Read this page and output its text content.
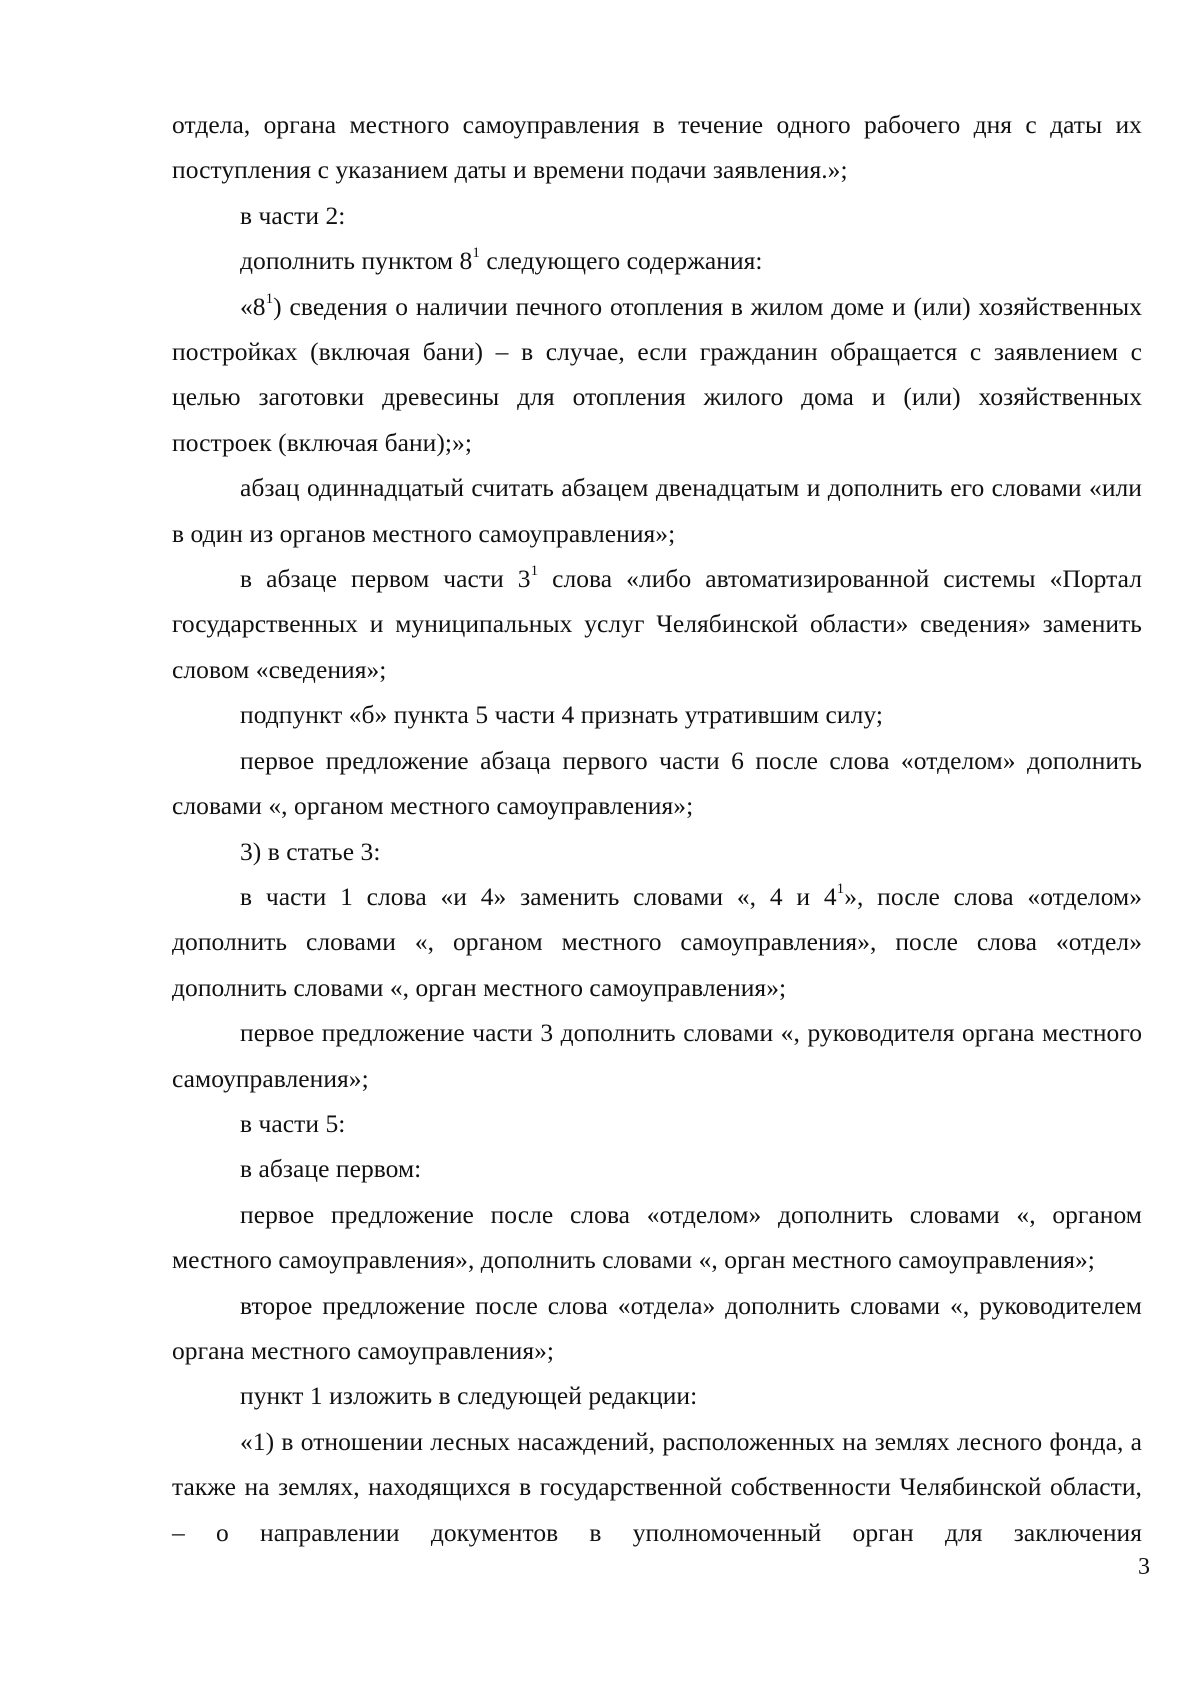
отдела, органа местного самоуправления в течение одного рабочего дня с даты их поступления с указанием даты и времени подачи заявления.»;

в части 2:

дополнить пунктом $8^1$ следующего содержания:

«$8^1$) сведения о наличии печного отопления в жилом доме и (или) хозяйственных постройках (включая бани) – в случае, если гражданин обращается с заявлением с целью заготовки древесины для отопления жилого дома и (или) хозяйственных построек (включая бани);»;

абзац одиннадцатый считать абзацем двенадцатым и дополнить его словами «или в один из органов местного самоуправления»;

в абзаце первом части $3^1$ слова «либо автоматизированной системы «Портал государственных и муниципальных услуг Челябинской области» сведения» заменить словом «сведения»;

подпункт «б» пункта 5 части 4 признать утратившим силу;

первое предложение абзаца первого части 6 после слова «отделом» дополнить словами «, органом местного самоуправления»;

3) в статье 3:

в части 1 слова «и 4» заменить словами «, 4 и $4^1$», после слова «отделом» дополнить словами «, органом местного самоуправления», после слова «отдел» дополнить словами «, орган местного самоуправления»;

первое предложение части 3 дополнить словами «, руководителя органа местного самоуправления»;

в части 5:

в абзаце первом:

первое предложение после слова «отделом» дополнить словами «, органом местного самоуправления», дополнить словами «, орган местного самоуправления»;

второе предложение после слова «отдела» дополнить словами «, руководителем органа местного самоуправления»;

пункт 1 изложить в следующей редакции:

«1) в отношении лесных насаждений, расположенных на землях лесного фонда, а также на землях, находящихся в государственной собственности Челябинской области, – о направлении документов в уполномоченный орган для заключения

3
